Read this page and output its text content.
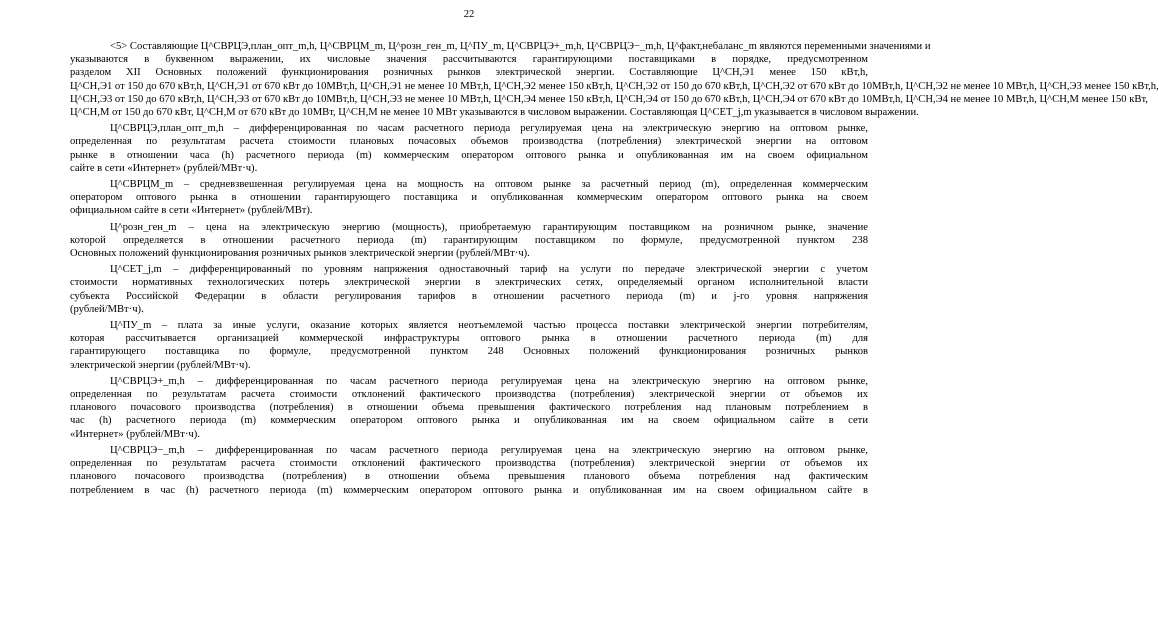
22
<5> Составляющие Ц^СВРЦЭ,план_опт_m,h, Ц^СВРЦМ_m, Ц^розн_ген_m, Ц^ПУ_m, Ц^СВРЦЭ+_m,h, Ц^СВРЦЭ−_m,h, Ц^факт,небаланс_m являются переменными значениями и
указываются в буквенном выражении, их числовые значения рассчитываются гарантирующими поставщиками в порядке, предусмотренном
разделом XII Основных положений функционирования розничных рынков электрической энергии. Составляющие Ц^СН,Э1 менее 150 кВт,h,
Ц^СН,Э1 от 150 до 670 кВт,h, Ц^СН,Э1 от 670 кВт до 10МВт,h, Ц^СН,Э1 не менее 10 МВт,h, Ц^СН,Э2 менее 150 кВт,h, Ц^СН,Э2 от 150 до 670 кВт,h, Ц^СН,Э2 от 670 кВт до 10МВт,h, Ц^СН,Э2 не менее 10 МВт,h, Ц^СН,Э3 менее 150 кВт,h,
Ц^СН,Э3 от 150 до 670 кВт,h, Ц^СН,Э3 от 670 кВт до 10МВт,h, Ц^СН,Э3 не менее 10 МВт,h, Ц^СН,Э4 менее 150 кВт,h, Ц^СН,Э4 от 150 до 670 кВт,h, Ц^СН,Э4 от 670 кВт до 10МВт,h, Ц^СН,Э4 не менее 10 МВт,h, Ц^СН,М менее 150 кВт,
Ц^СН,М от 150 до 670 кВт, Ц^СН,М от 670 кВт до 10МВт, Ц^СН,М не менее 10 МВт указываются в числовом выражении. Составляющая Ц^СЕТ_j,m указывается в числовом выражении.
Ц^СВРЦЭ,план_опт_m,h – дифференцированная по часам расчетного периода регулируемая цена на электрическую энергию на оптовом рынке,
определенная по результатам расчета стоимости плановых почасовых объемов производства (потребления) электрической энергии на оптовом
рынке в отношении часа (h) расчетного периода (m) коммерческим оператором оптового рынка и опубликованная им на своем официальном
сайте в сети «Интернет» (рублей/МВт·ч).
Ц^СВРЦМ_m – средневзвешенная регулируемая цена на мощность на оптовом рынке за расчетный период (m), определенная коммерческим
оператором оптового рынка в отношении гарантирующего поставщика и опубликованная коммерческим оператором оптового рынка на своем
официальном сайте в сети «Интернет» (рублей/МВт).
Ц^розн_ген_m – цена на электрическую энергию (мощность), приобретаемую гарантирующим поставщиком на розничном рынке, значение
которой определяется в отношении расчетного периода (m) гарантирующим поставщиком по формуле, предусмотренной пунктом 238
Основных положений функционирования розничных рынков электрической энергии (рублей/МВт·ч).
Ц^СЕТ_j,m – дифференцированный по уровням напряжения одноставочный тариф на услуги по передаче электрической энергии с учетом
стоимости нормативных технологических потерь электрической энергии в электрических сетях, определяемый органом исполнительной власти
субъекта Российской Федерации в области регулирования тарифов в отношении расчетного периода (m) и j-го уровня напряжения
(рублей/МВт·ч).
Ц^ПУ_m – плата за иные услуги, оказание которых является неотъемлемой частью процесса поставки электрической энергии потребителям,
которая рассчитывается организацией коммерческой инфраструктуры оптового рынка в отношении расчетного периода (m) для
гарантирующего поставщика по формуле, предусмотренной пунктом 248 Основных положений функционирования розничных рынков
электрической энергии (рублей/МВт·ч).
Ц^СВРЦЭ+_m,h – дифференцированная по часам расчетного периода регулируемая цена на электрическую энергию на оптовом рынке,
определенная по результатам расчета стоимости отклонений фактического производства (потребления) электрической энергии от объемов их
планового почасового производства (потребления) в отношении объема превышения фактического потребления над плановым потреблением в
час (h) расчетного периода (m) коммерческим оператором оптового рынка и опубликованная им на своем официальном сайте в сети
«Интернет» (рублей/МВт·ч).
Ц^СВРЦЭ−_m,h – дифференцированная по часам расчетного периода регулируемая цена на электрическую энергию на оптовом рынке,
определенная по результатам расчета стоимости отклонений фактического производства (потребления) электрической энергии от объемов их
планового почасового производства (потребления) в отношении объема превышения планового объема потребления над фактическим
потреблением в час (h) расчетного периода (m) коммерческим оператором оптового рынка и опубликованная им на своем официальном сайте в
